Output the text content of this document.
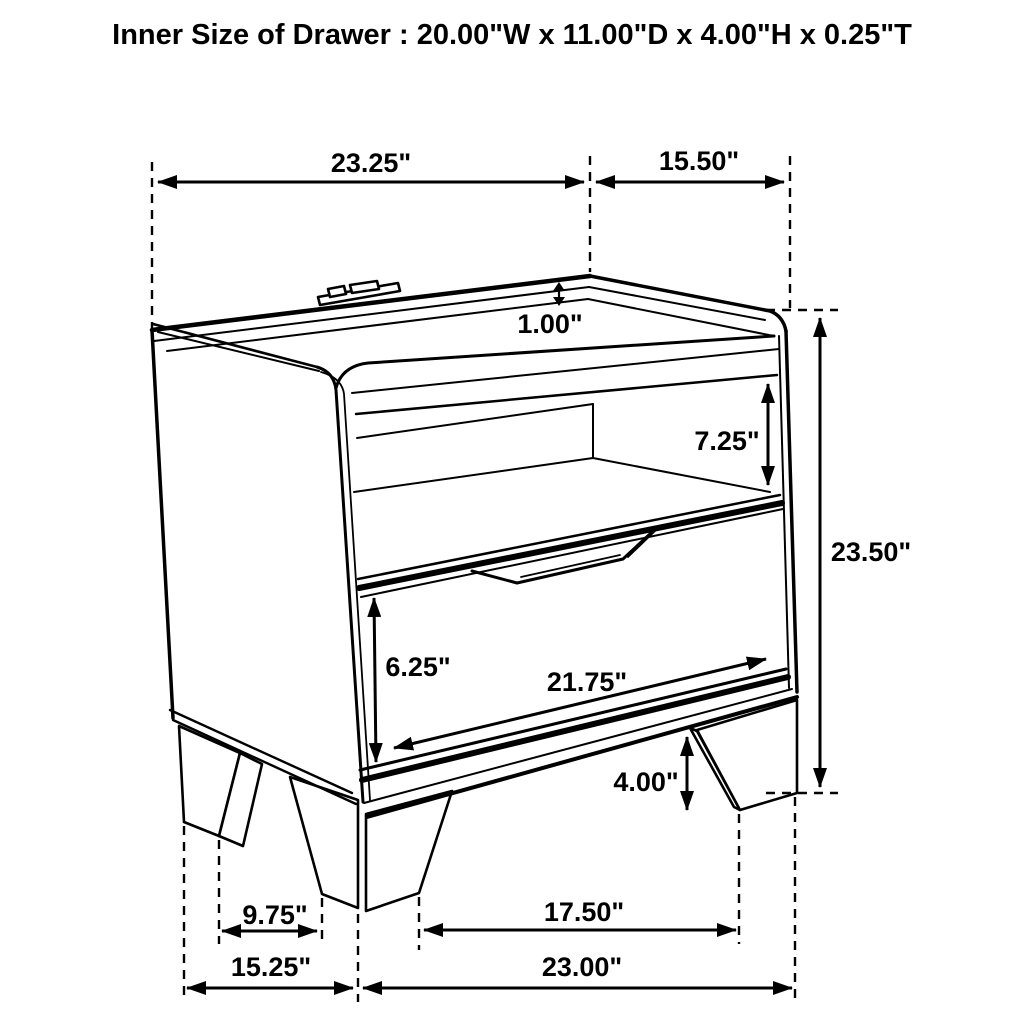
Inner Size of Drawer : 20.00"W x 11.00"D x 4.00"H x 0.25"T
23.25"	15.50"
1.00"
7.25"
23.50"
6.25"	21.75"
4.00"
9.75"	17.50"
15.25"	23.00"
